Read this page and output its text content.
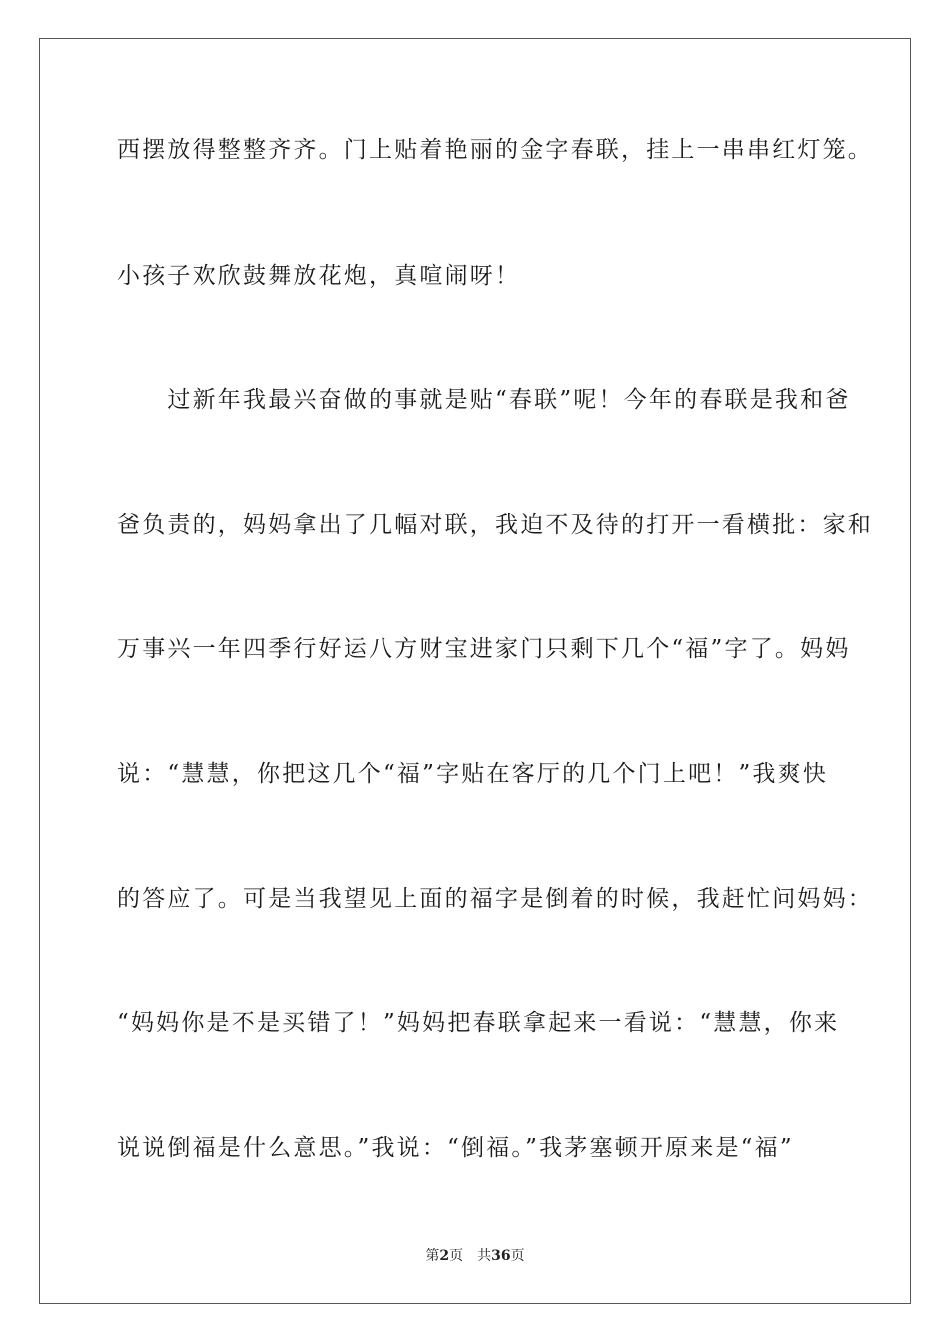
西摆放得整整齐齐。门上贴着艳丽的金字春联，挂上一串串红灯笼。
小孩子欢欣鼓舞放花炮，真喧闹呀！
　　过新年我最兴奋做的事就是贴“春联”呢！今年的春联是我和爸
爸负责的，妈妈拿出了几幅对联，我迫不及待的打开一看横批：家和
万事兴一年四季行好运八方财宝进家门只剩下几个“福”字了。妈妈
说：“慧慧，你把这几个“福”字贴在客厅的几个门上吧！”我爽快
的答应了。可是当我望见上面的福字是倒着的时候，我赶忙问妈妈：
“妈妈你是不是买错了！”妈妈把春联拿起来一看说：“慧慧，你来
说说倒福是什么意思。”我说：“倒福。”我茅塞顿开原来是“福”
第2页 共36页
